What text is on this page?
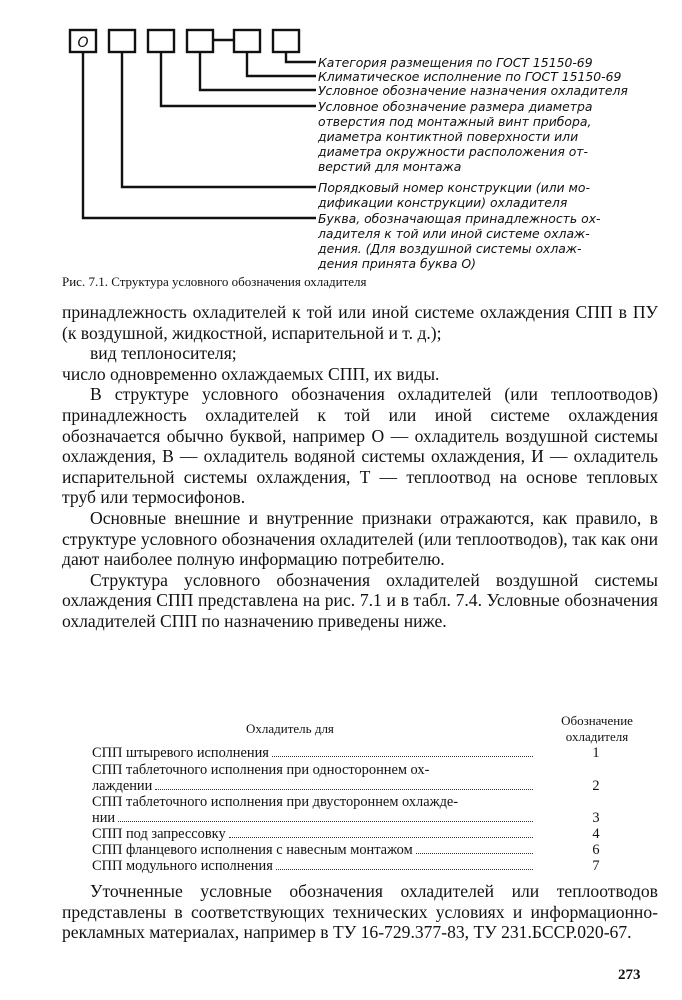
О
Категория размещения по ГОСТ 15150-69
Климатическое исполнение по ГОСТ 15150-69
Условное обозначение назначения охладителя
Условное обозначение размера диаметра
отверстия под монтажный винт прибора,
диаметра контиктной поверхности или
диаметра окружности расположения от-
верстий для монтажа
Порядковый номер конструкции (или мо-
дификации конструкции) охладителя
Буква, обозначающая принадлежность ох-
ладителя к той или иной системе охлаж-
дения. (Для воздушной системы охлаж-
дения принята буква О)
Рис. 7.1. Структура условного обозначения охладителя

принадлежность охладителей к той или иной системе охлаждения СПП в ПУ (к воздушной, жидкостной, испарительной и т. д.);

вид теплоносителя;

число одновременно охлаждаемых СПП, их виды.

В структуре условного обозначения охладителей (или теплоотводов) принадлежность охладителей к той или иной системе охлаждения обозначается обычно буквой, например О — охладитель воздушной системы охлаждения, В — охладитель водяной системы охлаждения, И — охладитель испарительной системы охлаждения, Т — теплоотвод на основе тепловых труб или термосифонов.

Основные внешние и внутренние признаки отражаются, как правило, в структуре условного обозначения охладителей (или теплоотводов), так как они дают наиболее полную информацию потребителю.

Структура условного обозначения охладителей воздушной системы охлаждения СПП представлена на рис. 7.1 и в табл. 7.4. Условные обозначения охладителей СПП по назначению приведены ниже.

Охладитель для
Обозначение
охладителя
СПП штыревого исполнения	1
СПП таблеточного исполнения при одностороннем ох-
лаждении	2
СПП таблеточного исполнения при двустороннем охлажде-
нии	3
СПП под запрессовку	4
СПП фланцевого исполнения с навесным монтажом	6
СПП модульного исполнения	7
Уточненные условные обозначения охладителей или теплоотводов представлены в соответствующих технических условиях и информационно-рекламных материалах, например в ТУ 16-729.377-83, ТУ 231.БССР.020-67.
273
